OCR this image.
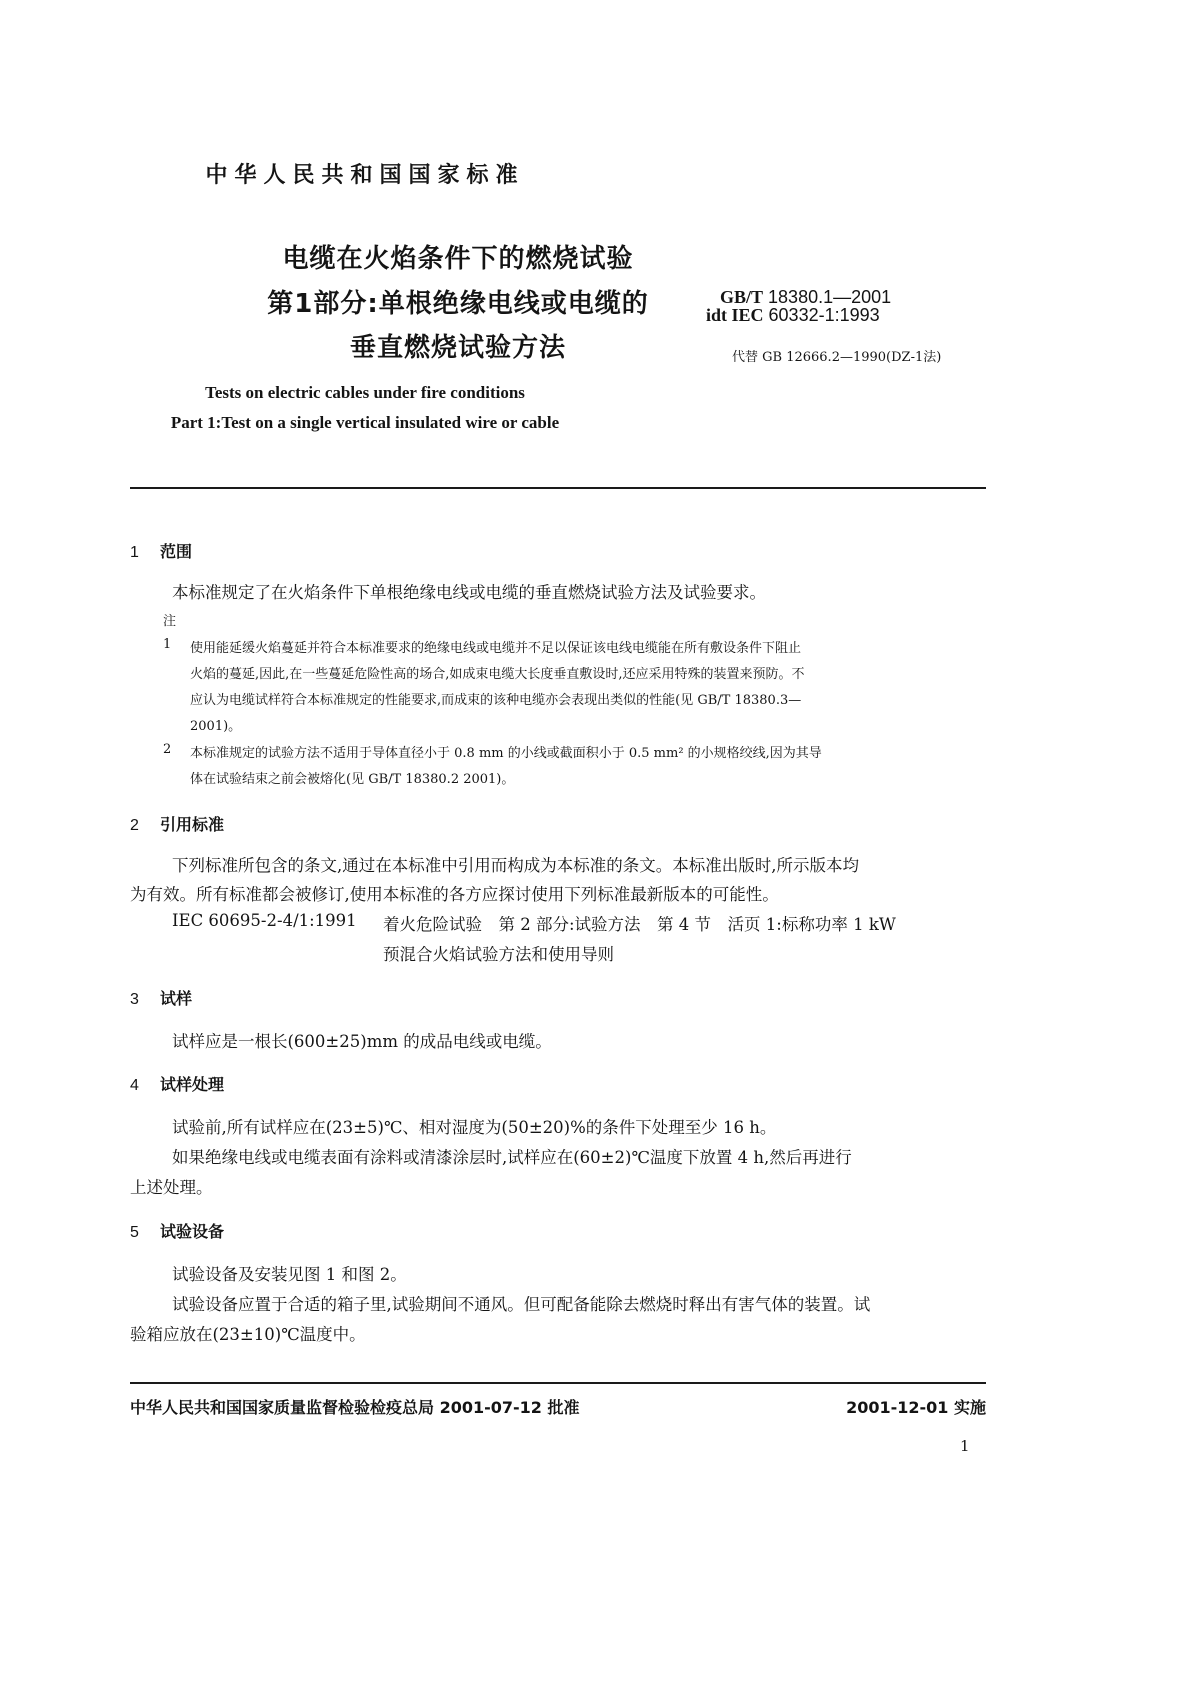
中华人民共和国国家标准
电缆在火焰条件下的燃烧试验
第1部分:单根绝缘电线或电缆的
垂直燃烧试验方法
GB/T 18380.1—2001
idt IEC 60332-1:1993
代替 GB 12666.2—1990(DZ-1法)
Tests on electric cables under fire conditions
Part 1:Test on a single vertical insulated wire or cable
1 范围
本标准规定了在火焰条件下单根绝缘电线或电缆的垂直燃烧试验方法及试验要求。
注
1 使用能延缓火焰蔓延并符合本标准要求的绝缘电线或电缆并不足以保证该电线电缆能在所有敷设条件下阻止
火焰的蔓延,因此,在一些蔓延危险性高的场合,如成束电缆大长度垂直敷设时,还应采用特殊的装置来预防。不
应认为电缆试样符合本标准规定的性能要求,而成束的该种电缆亦会表现出类似的性能(见 GB/T 18380.3—
2001)。
2 本标准规定的试验方法不适用于导体直径小于 0.8 mm 的小线或截面积小于 0.5 mm² 的小规格绞线,因为其导
体在试验结束之前会被熔化(见 GB/T 18380.2 2001)。
2 引用标准
下列标准所包含的条文,通过在本标准中引用而构成为本标准的条文。本标准出版时,所示版本均
为有效。所有标准都会被修订,使用本标准的各方应探讨使用下列标准最新版本的可能性。
IEC 60695-2-4/1:1991 着火危险试验　第 2 部分:试验方法　第 4 节　活页 1:标称功率 1 kW
预混合火焰试验方法和使用导则
3 试样
试样应是一根长(600±25)mm 的成品电线或电缆。
4 试样处理
试验前,所有试样应在(23±5)℃、相对湿度为(50±20)%的条件下处理至少 16 h。
如果绝缘电线或电缆表面有涂料或清漆涂层时,试样应在(60±2)℃温度下放置 4 h,然后再进行
上述处理。
5 试验设备
试验设备及安装见图 1 和图 2。
试验设备应置于合适的箱子里,试验期间不通风。但可配备能除去燃烧时释出有害气体的装置。试
验箱应放在(23±10)℃温度中。
中华人民共和国国家质量监督检验检疫总局 2001-07-12 批准	2001-12-01 实施
1
